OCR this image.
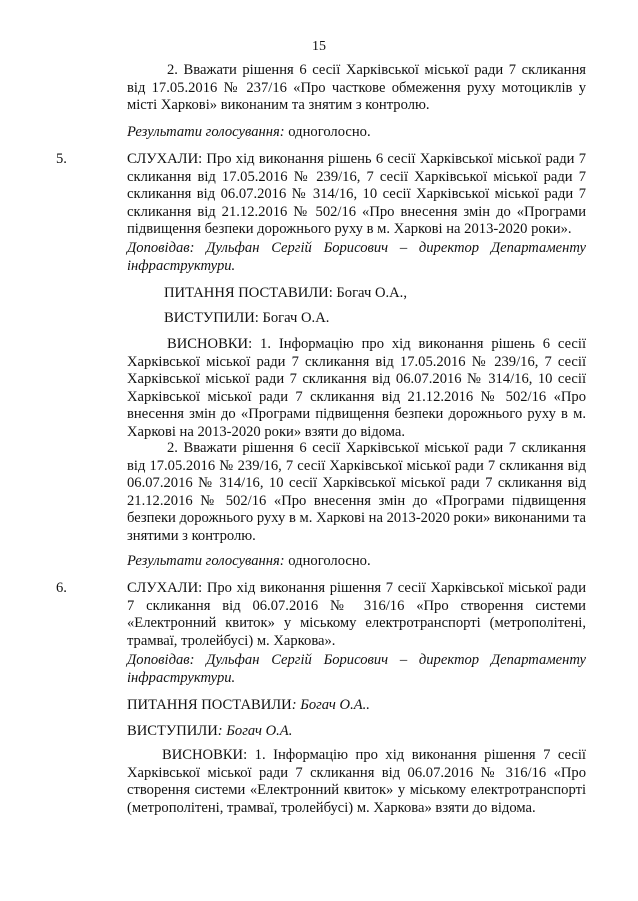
15

2. Вважати рішення 6 сесії Харківської міської ради 7 скликання від 17.05.2016 № 237/16 «Про часткове обмеження руху мотоциклів у місті Харкові» виконаним та знятим з контролю.

Результати голосування: одноголосно.

5.	СЛУХАЛИ: Про хід виконання рішень 6 сесії Харківської міської ради 7 скликання від 17.05.2016 № 239/16, 7 сесії Харківської міської ради 7 скликання від 06.07.2016 № 314/16, 10 сесії Харківської міської ради 7 скликання від 21.12.2016 № 502/16 «Про внесення змін до «Програми підвищення безпеки дорожнього руху в м. Харкові на 2013-2020 роки».

Доповідав: Дульфан Сергій Борисович – директор Департаменту інфраструктури.

ПИТАННЯ ПОСТАВИЛИ: Богач О.А.,

ВИСТУПИЛИ: Богач О.А.

ВИСНОВКИ: 1. Інформацію про хід виконання рішень 6 сесії Харківської міської ради 7 скликання від 17.05.2016 № 239/16, 7 сесії Харківської міської ради 7 скликання від 06.07.2016 № 314/16, 10 сесії Харківської міської ради 7 скликання від 21.12.2016 № 502/16 «Про внесення змін до «Програми підвищення безпеки дорожнього руху в м. Харкові на 2013-2020 роки» взяти до відома.

2. Вважати рішення 6 сесії Харківської міської ради 7 скликання від 17.05.2016 № 239/16, 7 сесії Харківської міської ради 7 скликання від 06.07.2016 № 314/16, 10 сесії Харківської міської ради 7 скликання від 21.12.2016 № 502/16 «Про внесення змін до «Програми підвищення безпеки дорожнього руху в м. Харкові на 2013-2020 роки» виконаними та знятими з контролю.

Результати голосування: одноголосно.

6.	СЛУХАЛИ: Про хід виконання рішення 7 сесії Харківської міської ради 7 скликання від 06.07.2016 № 316/16 «Про створення системи «Електронний квиток» у міському електротранспорті (метрополітені, трамваї, тролейбусі) м. Харкова».

Доповідав: Дульфан Сергій Борисович – директор Департаменту інфраструктури.

ПИТАННЯ ПОСТАВИЛИ: Богач О.А..

ВИСТУПИЛИ: Богач О.А.

ВИСНОВКИ: 1. Інформацію про хід виконання рішення 7 сесії Харківської міської ради 7 скликання від 06.07.2016 № 316/16 «Про створення системи «Електронний квиток» у міському електротранспорті (метрополітені, трамваї, тролейбусі) м. Харкова» взяти до відома.
